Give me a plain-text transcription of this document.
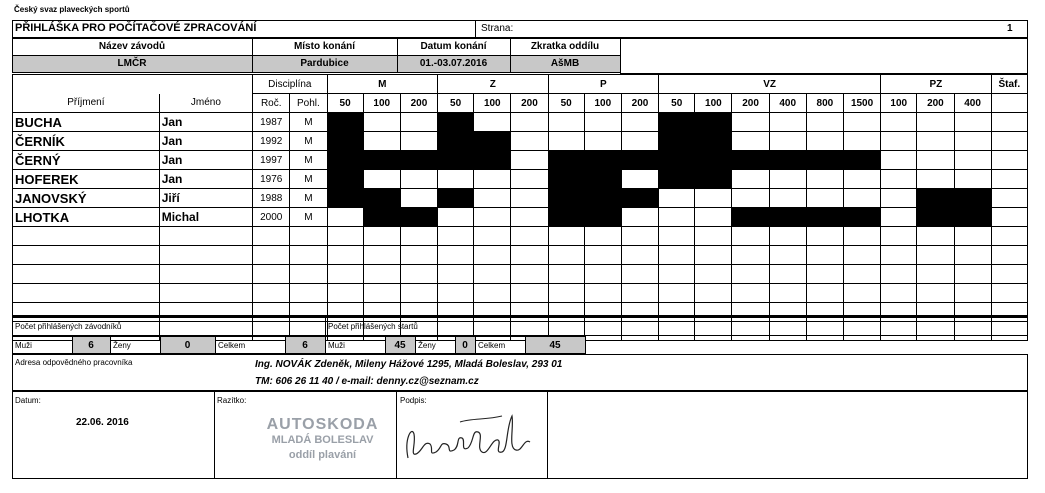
Český svaz plaveckých sportů
PŘIHLÁŠKA PRO POČÍTAČOVÉ ZPRACOVÁNÍ	Strana:	1
Název závodů
LMČR
Místo konání
Pardubice
Datum konání
01.-03.07.2016
Zkratka oddílu
AšMB
		Disciplína		M			Z			P			VZ						PZ			Štaf.
Příjmení	Jméno	Roč.	Pohl.	50	100	200	50	100	200	50	100	200	50	100	200	400	800	1500	100	200	400	
BUCHA	Jan	1987	M																			
ČERNÍK	Jan	1992	M																			
ČERNÝ	Jan	1997	M																			
HOFEREK	Jan	1976	M																			
JANOVSKÝ	Jiří	1988	M																			
LHOTKA	Michal	2000	M																			

Počet přihlášených závodníků	Počet přihlášených startů
Muži	6	Ženy	0	Celkem	6	Muži	45	Ženy	0	Celkem	45
Adresa odpovědného pracovníka	Ing. NOVÁK Zdeněk, Mileny Hážové 1295, Mladá Boleslav, 293 01
TM: 606 26 11 40 / e-mail: denny.cz@seznam.cz
Datum:
22.06. 2016
Razítko:	Podpis:
AUTOSKODA
MLADÁ BOLESLAV
oddíl plavání
